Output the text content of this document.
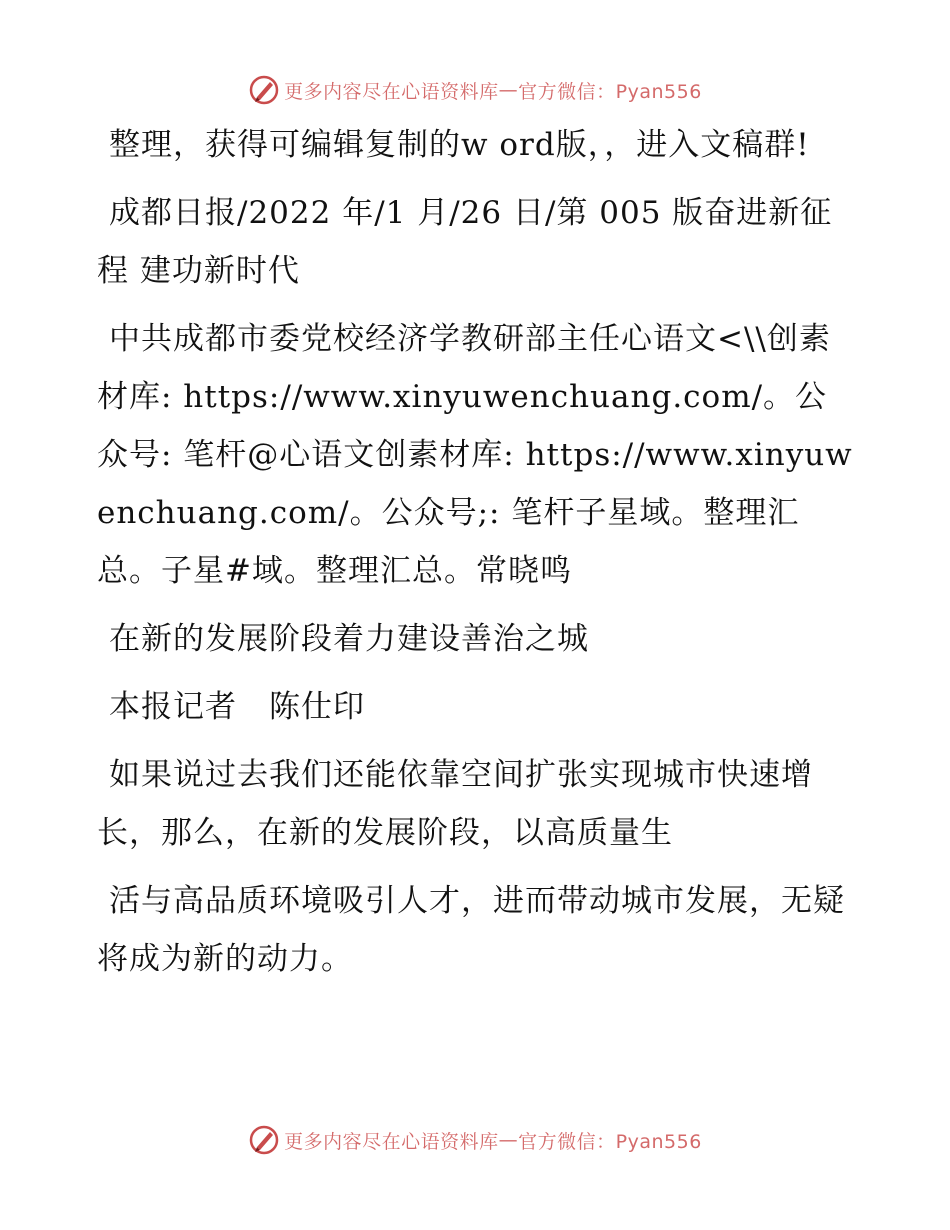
更多内容尽在心语资料库 — 官方微信：Pyan556

整理，获得可编辑复制的w ord版，，进入文稿群!

成都日报/2022 年/1 月/26 日/第 005 版奋进新征程 建功新时代

中共成都市委党校经济学教研部主任心语文<\\创素材库: https://www.xinyuwenchuang.com/。公众号: 笔杆@心语文创素材库: https://www.xinyuwenchuang.com/。公众号;: 笔杆子星域。整理汇总。子星#域。整理汇总。常晓鸣

在新的发展阶段着力建设善治之城

本报记者　陈仕印

如果说过去我们还能依靠空间扩张实现城市快速增长，那么，在新的发展阶段，以高质量生

活与高品质环境吸引人才，进而带动城市发展，无疑将成为新的动力。

更多内容尽在心语资料库 — 官方微信：Pyan556
